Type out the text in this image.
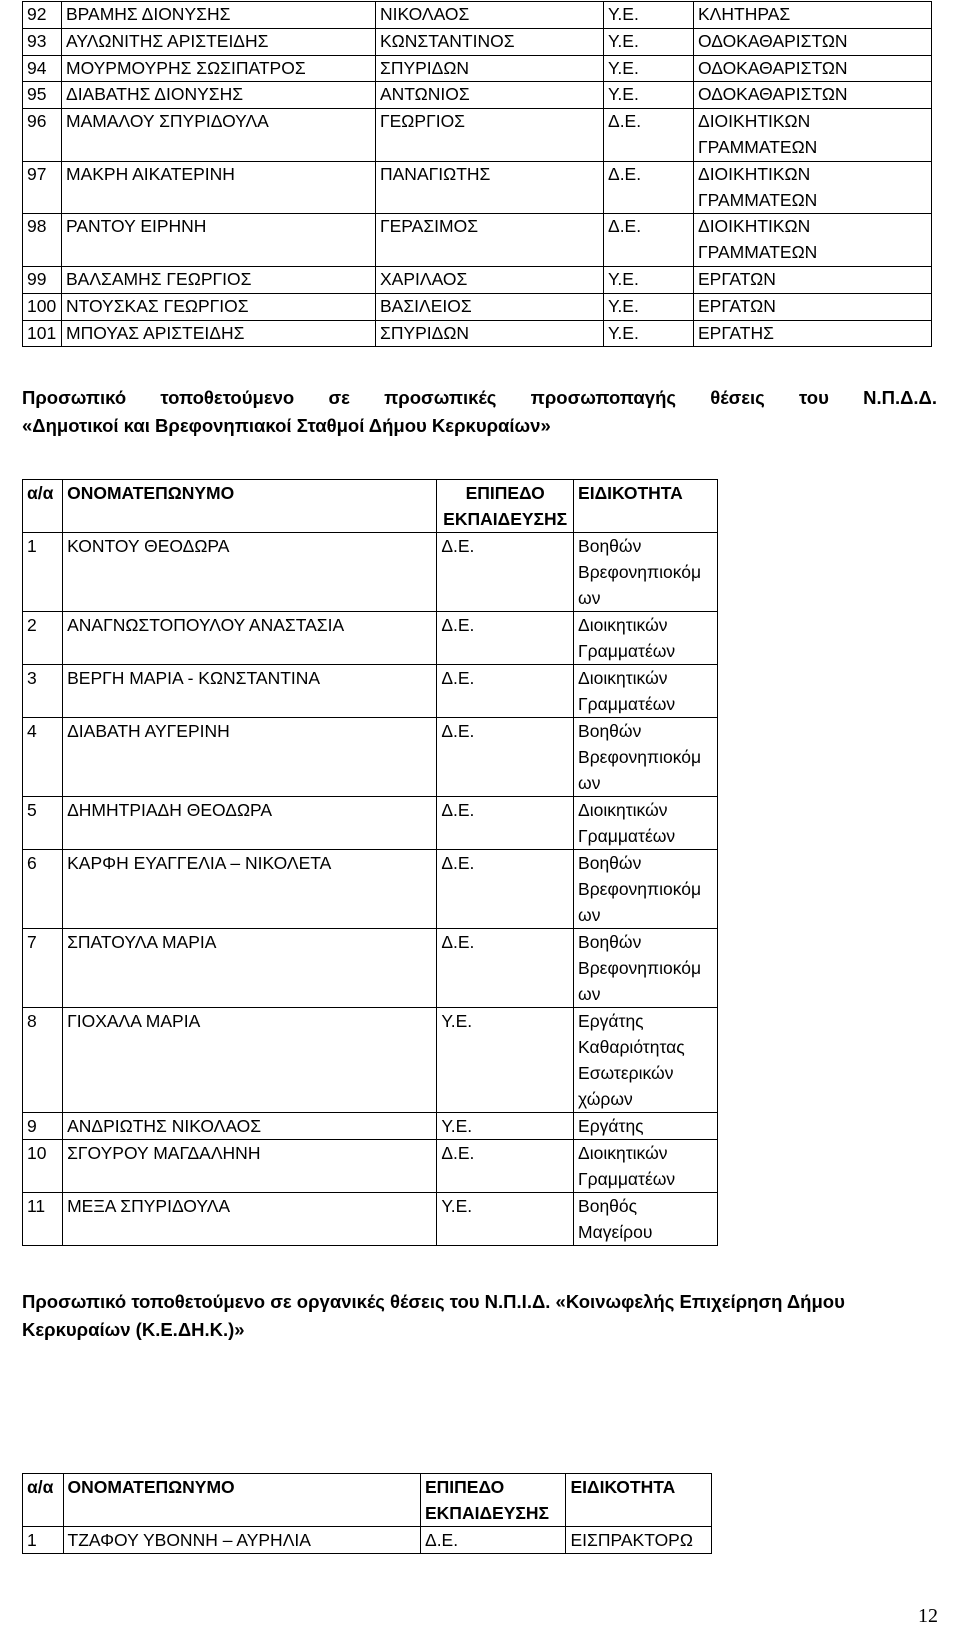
92	ΒΡΑΜΗΣ ΔΙΟΝΥΣΗΣ	ΝΙΚΟΛΑΟΣ	Υ.Ε.	ΚΛΗΤΗΡΑΣ
93	ΑΥΛΩΝΙΤΗΣ ΑΡΙΣΤΕΙΔΗΣ	ΚΩΝΣΤΑΝΤΙΝΟΣ	Υ.Ε.	ΟΔΟΚΑΘΑΡΙΣΤΩΝ
94	ΜΟΥΡΜΟΥΡΗΣ ΣΩΣΙΠΑΤΡΟΣ	ΣΠΥΡΙΔΩΝ	Υ.Ε.	ΟΔΟΚΑΘΑΡΙΣΤΩΝ
95	ΔΙΑΒΑΤΗΣ ΔΙΟΝΥΣΗΣ	ΑΝΤΩΝΙΟΣ	Υ.Ε.	ΟΔΟΚΑΘΑΡΙΣΤΩΝ
96	ΜΑΜΑΛΟΥ ΣΠΥΡΙΔΟΥΛΑ	ΓΕΩΡΓΙΟΣ	Δ.Ε.	ΔΙΟΙΚΗΤΙΚΩΝ ΓΡΑΜΜΑΤΕΩΝ
97	ΜΑΚΡΗ ΑΙΚΑΤΕΡΙΝΗ	ΠΑΝΑΓΙΩΤΗΣ	Δ.Ε.	ΔΙΟΙΚΗΤΙΚΩΝ ΓΡΑΜΜΑΤΕΩΝ
98	ΡΑΝΤΟΥ ΕΙΡΗΝΗ	ΓΕΡΑΣΙΜΟΣ	Δ.Ε.	ΔΙΟΙΚΗΤΙΚΩΝ ΓΡΑΜΜΑΤΕΩΝ
99	ΒΑΛΣΑΜΗΣ ΓΕΩΡΓΙΟΣ	ΧΑΡΙΛΑΟΣ	Υ.Ε.	ΕΡΓΑΤΩΝ
100	ΝΤΟΥΣΚΑΣ ΓΕΩΡΓΙΟΣ	ΒΑΣΙΛΕΙΟΣ	Υ.Ε.	ΕΡΓΑΤΩΝ
101	ΜΠΟΥΑΣ ΑΡΙΣΤΕΙΔΗΣ	ΣΠΥΡΙΔΩΝ	Υ.Ε.	ΕΡΓΑΤΗΣ
Προσωπικό τοποθετούμενο σε προσωπικές προσωποπαγής θέσεις του Ν.Π.Δ.Δ.
«Δημοτικοί και Βρεφονηπιακοί Σταθμοί Δήμου Κερκυραίων»
α/α	ΟΝΟΜΑΤΕΠΩΝΥΜΟ	ΕΠΙΠΕΔΟ ΕΚΠΑΙΔΕΥΣΗΣ	ΕΙΔΙΚΟΤΗΤΑ
1	ΚΟΝΤΟΥ ΘΕΟΔΩΡΑ	Δ.Ε.	Βοηθών Βρεφονηπιοκόμ ων
2	ΑΝΑΓΝΩΣΤΟΠΟΥΛΟΥ ΑΝΑΣΤΑΣΙΑ	Δ.Ε.	Διοικητικών Γραμματέων
3	ΒΕΡΓΗ ΜΑΡΙΑ - ΚΩΝΣΤΑΝΤΙΝΑ	Δ.Ε.	Διοικητικών Γραμματέων
4	ΔΙΑΒΑΤΗ ΑΥΓΕΡΙΝΗ	Δ.Ε.	Βοηθών Βρεφονηπιοκόμ ων
5	ΔΗΜΗΤΡΙΑΔΗ ΘΕΟΔΩΡΑ	Δ.Ε.	Διοικητικών Γραμματέων
6	ΚΑΡΦΗ ΕΥΑΓΓΕΛΙΑ – ΝΙΚΟΛΕΤΑ	Δ.Ε.	Βοηθών Βρεφονηπιοκόμ ων
7	ΣΠΑΤΟΥΛΑ ΜΑΡΙΑ	Δ.Ε.	Βοηθών Βρεφονηπιοκόμ ων
8	ΓΙΟΧΑΛΑ ΜΑΡΙΑ	Υ.Ε.	Εργάτης Καθαριότητας Εσωτερικών χώρων
9	ΑΝΔΡΙΩΤΗΣ ΝΙΚΟΛΑΟΣ	Υ.Ε.	Εργάτης
10	ΣΓΟΥΡΟΥ ΜΑΓΔΑΛΗΝΗ	Δ.Ε.	Διοικητικών Γραμματέων
11	ΜΕΞΑ ΣΠΥΡΙΔΟΥΛΑ	Υ.Ε.	Βοηθός Μαγείρου
Προσωπικό τοποθετούμενο σε οργανικές θέσεις του Ν.Π.Ι.Δ. «Κοινωφελής Επιχείρηση Δήμου Κερκυραίων (Κ.Ε.ΔΗ.Κ.)»
α/α	ΟΝΟΜΑΤΕΠΩΝΥΜΟ	ΕΠΙΠΕΔΟ ΕΚΠΑΙΔΕΥΣΗΣ	ΕΙΔΙΚΟΤΗΤΑ
1	ΤΖΑΦΟΥ ΥΒΟΝΝΗ – ΑΥΡΗΛΙΑ	Δ.Ε.	ΕΙΣΠΡΑΚΤΟΡΩ
12
